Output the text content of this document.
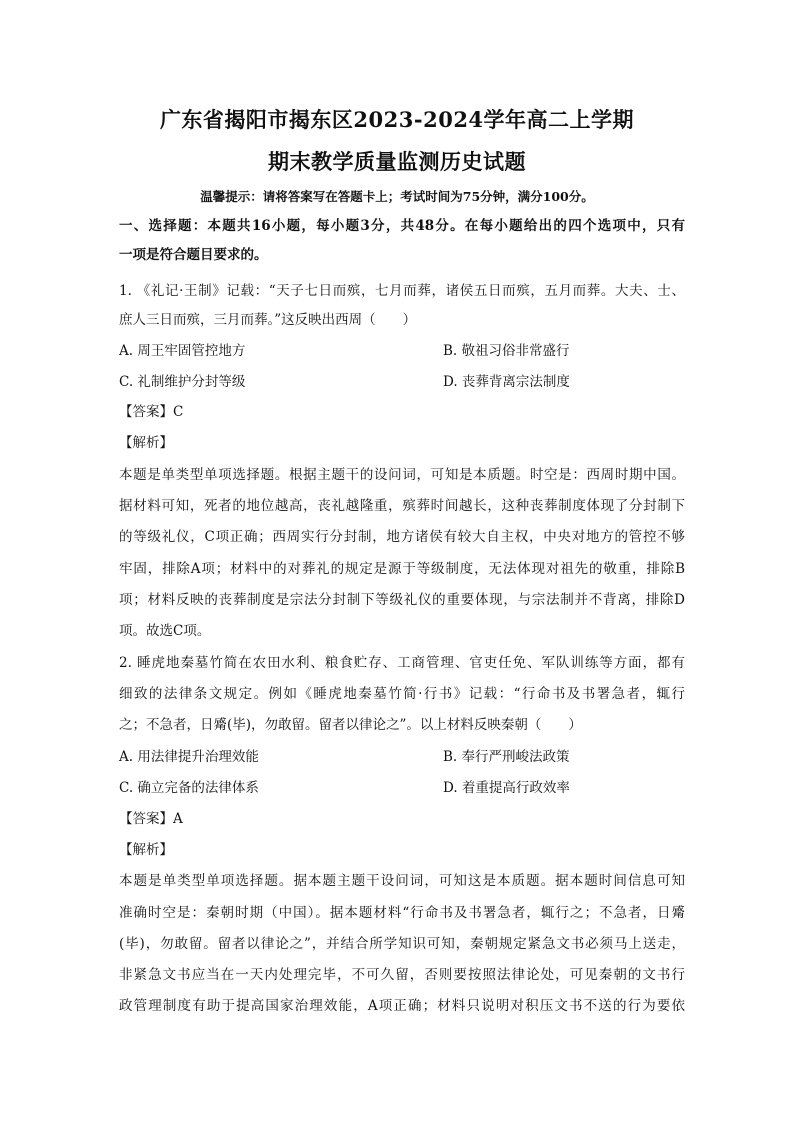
广东省揭阳市揭东区2023-2024学年高二上学期
期末教学质量监测历史试题
温馨提示：请将答案写在答题卡上；考试时间为75分钟，满分100分。
一、选择题：本题共16小题，每小题3分，共48分。在每小题给出的四个选项中，只有
一项是符合题目要求的。
1. 《礼记·王制》记载：“天子七日而殡，七月而葬，诸侯五日而殡，五月而葬。大夫、士、
庶人三日而殡，三月而葬。”这反映出西周（　　）
A. 周王牢固管控地方	B. 敬祖习俗非常盛行
C. 礼制维护分封等级	D. 丧葬背离宗法制度
【答案】C
【解析】
本题是单类型单项选择题。根据主题干的设问词，可知是本质题。时空是：西周时期中国。
据材料可知，死者的地位越高，丧礼越隆重，殡葬时间越长，这种丧葬制度体现了分封制下
的等级礼仪，C项正确；西周实行分封制，地方诸侯有较大自主权，中央对地方的管控不够
牢固，排除A项；材料中的对葬礼的规定是源于等级制度，无法体现对祖先的敬重，排除B
项；材料反映的丧葬制度是宗法分封制下等级礼仪的重要体现，与宗法制并不背离，排除D
项。故选C项。
2. 睡虎地秦墓竹简在农田水利、粮食贮存、工商管理、官吏任免、军队训练等方面，都有
细致的法律条文规定。例如《睡虎地秦墓竹简·行书》记载：“行命书及书署急者，辄行
之；不急者，日觱(毕)，勿敢留。留者以律论之”。以上材料反映秦朝（　　）
A. 用法律提升治理效能	B. 奉行严刑峻法政策
C. 确立完备的法律体系	D. 着重提高行政效率
【答案】A
【解析】
本题是单类型单项选择题。据本题主题干设问词，可知这是本质题。据本题时间信息可知
准确时空是：秦朝时期（中国）。据本题材料“行命书及书署急者，辄行之；不急者，日觱
(毕)，勿敢留。留者以律论之”，并结合所学知识可知，秦朝规定紧急文书必须马上送走，
非紧急文书应当在一天内处理完毕，不可久留，否则要按照法律论处，可见秦朝的文书行
政管理制度有助于提高国家治理效能，A项正确；材料只说明对积压文书不送的行为要依
